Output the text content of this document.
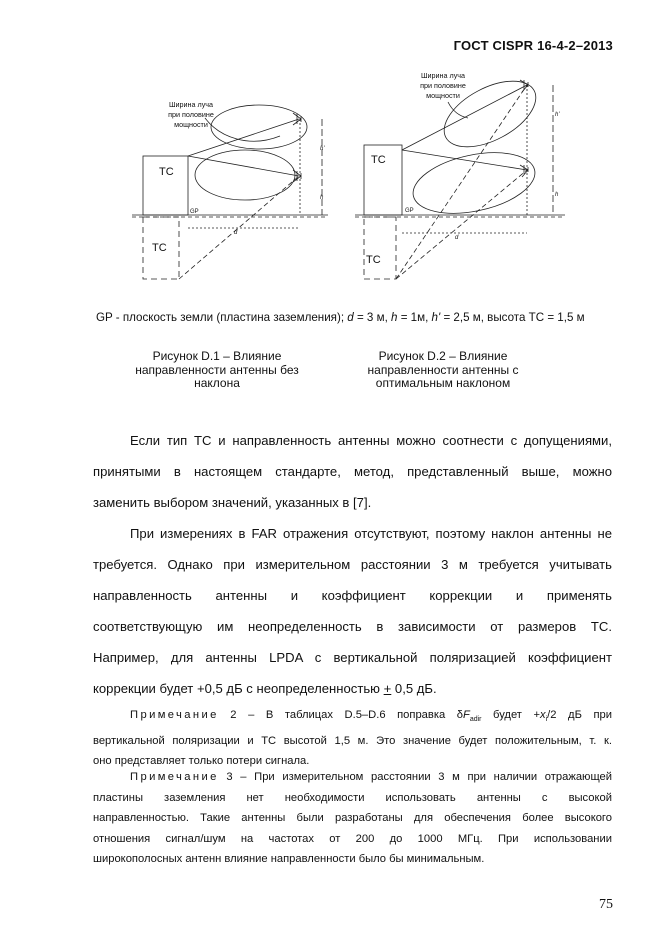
ГОСТ CISPR 16-4-2–2013
Ширина луча
при половине
мощности
ТС
ТС
GP
h'
h
d
Ширина луча
при половине
мощности
ТС
ТС
GP
h'
h
d
GP - плоскость земли (пластина заземления); d = 3 м, h = 1м, h' = 2,5 м, высота ТС = 1,5 м
Рисунок D.1 – Влияние
направленности антенны без
наклона
Рисунок D.2 – Влияние
направленности антенны с
оптимальным наклоном

Если тип ТС и направленность антенны можно соотнести с допущениями,

принятыми в настоящем стандарте, метод, представленный выше, можно

заменить выбором значений, указанных в [7].

При измерениях в FAR отражения отсутствуют, поэтому наклон антенны не

требуется. Однако при измерительном расстоянии 3 м требуется учитывать

направленность антенны и коэффициент коррекции и применять

соответствующую им неопределенность в зависимости от размеров ТС.

Например, для антенны LPDA с вертикальной поляризацией коэффициент

коррекции будет +0,5 дБ с неопределенностью + 0,5 дБ.

Примечание 2 – В таблицах D.5–D.6 поправка $\delta F_{adir}$ будет $+x_i/2$ дБ при

вертикальной поляризации и ТС высотой 1,5 м. Это значение будет положительным, т. к.

оно представляет только потери сигнала.

Примечание 3 – При измерительном расстоянии 3 м при наличии отражающей

пластины заземления нет необходимости использовать антенны с высокой

направленностью. Такие антенны были разработаны для обеспечения более высокого

отношения сигнал/шум на частотах от 200 до 1000 МГц. При использовании

широкополосных антенн влияние направленности было бы минимальным.

75
